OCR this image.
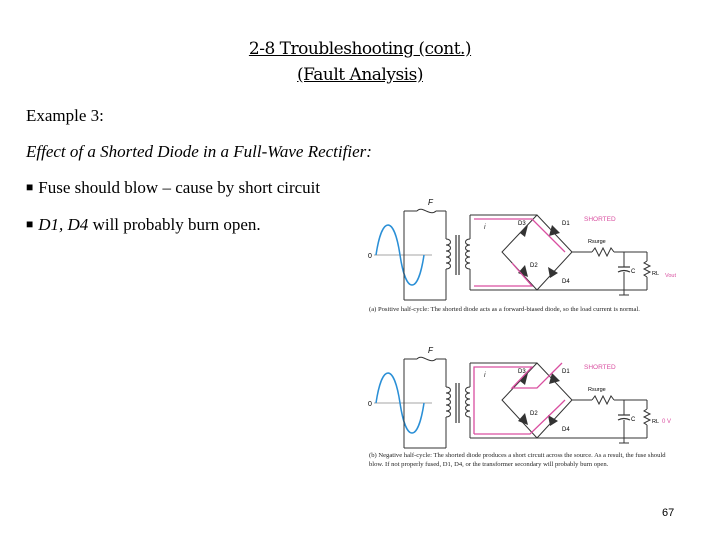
2-8 Troubleshooting (cont.)
(Fault Analysis)
Example 3:
Effect of a Shorted Diode in a Full-Wave Rectifier:
■ Fuse should blow – cause by short circuit
■ D1, D4 will probably burn open.
0
F
D3	D1
D2
D4
SHORTED
i
Rsurge
C	RL Vout
0
F
D3	D1
D2
D4
SHORTED
i
Rsurge
C	RL 0 V
(a) Positive half-cycle: The shorted diode acts as a forward-biased diode, so the load current is normal.
(b) Negative half-cycle: The shorted diode produces a short circuit across the source. As a result, the fuse should blow. If not properly fused, D1, D4, or the transformer secondary will probably burn open.
67
